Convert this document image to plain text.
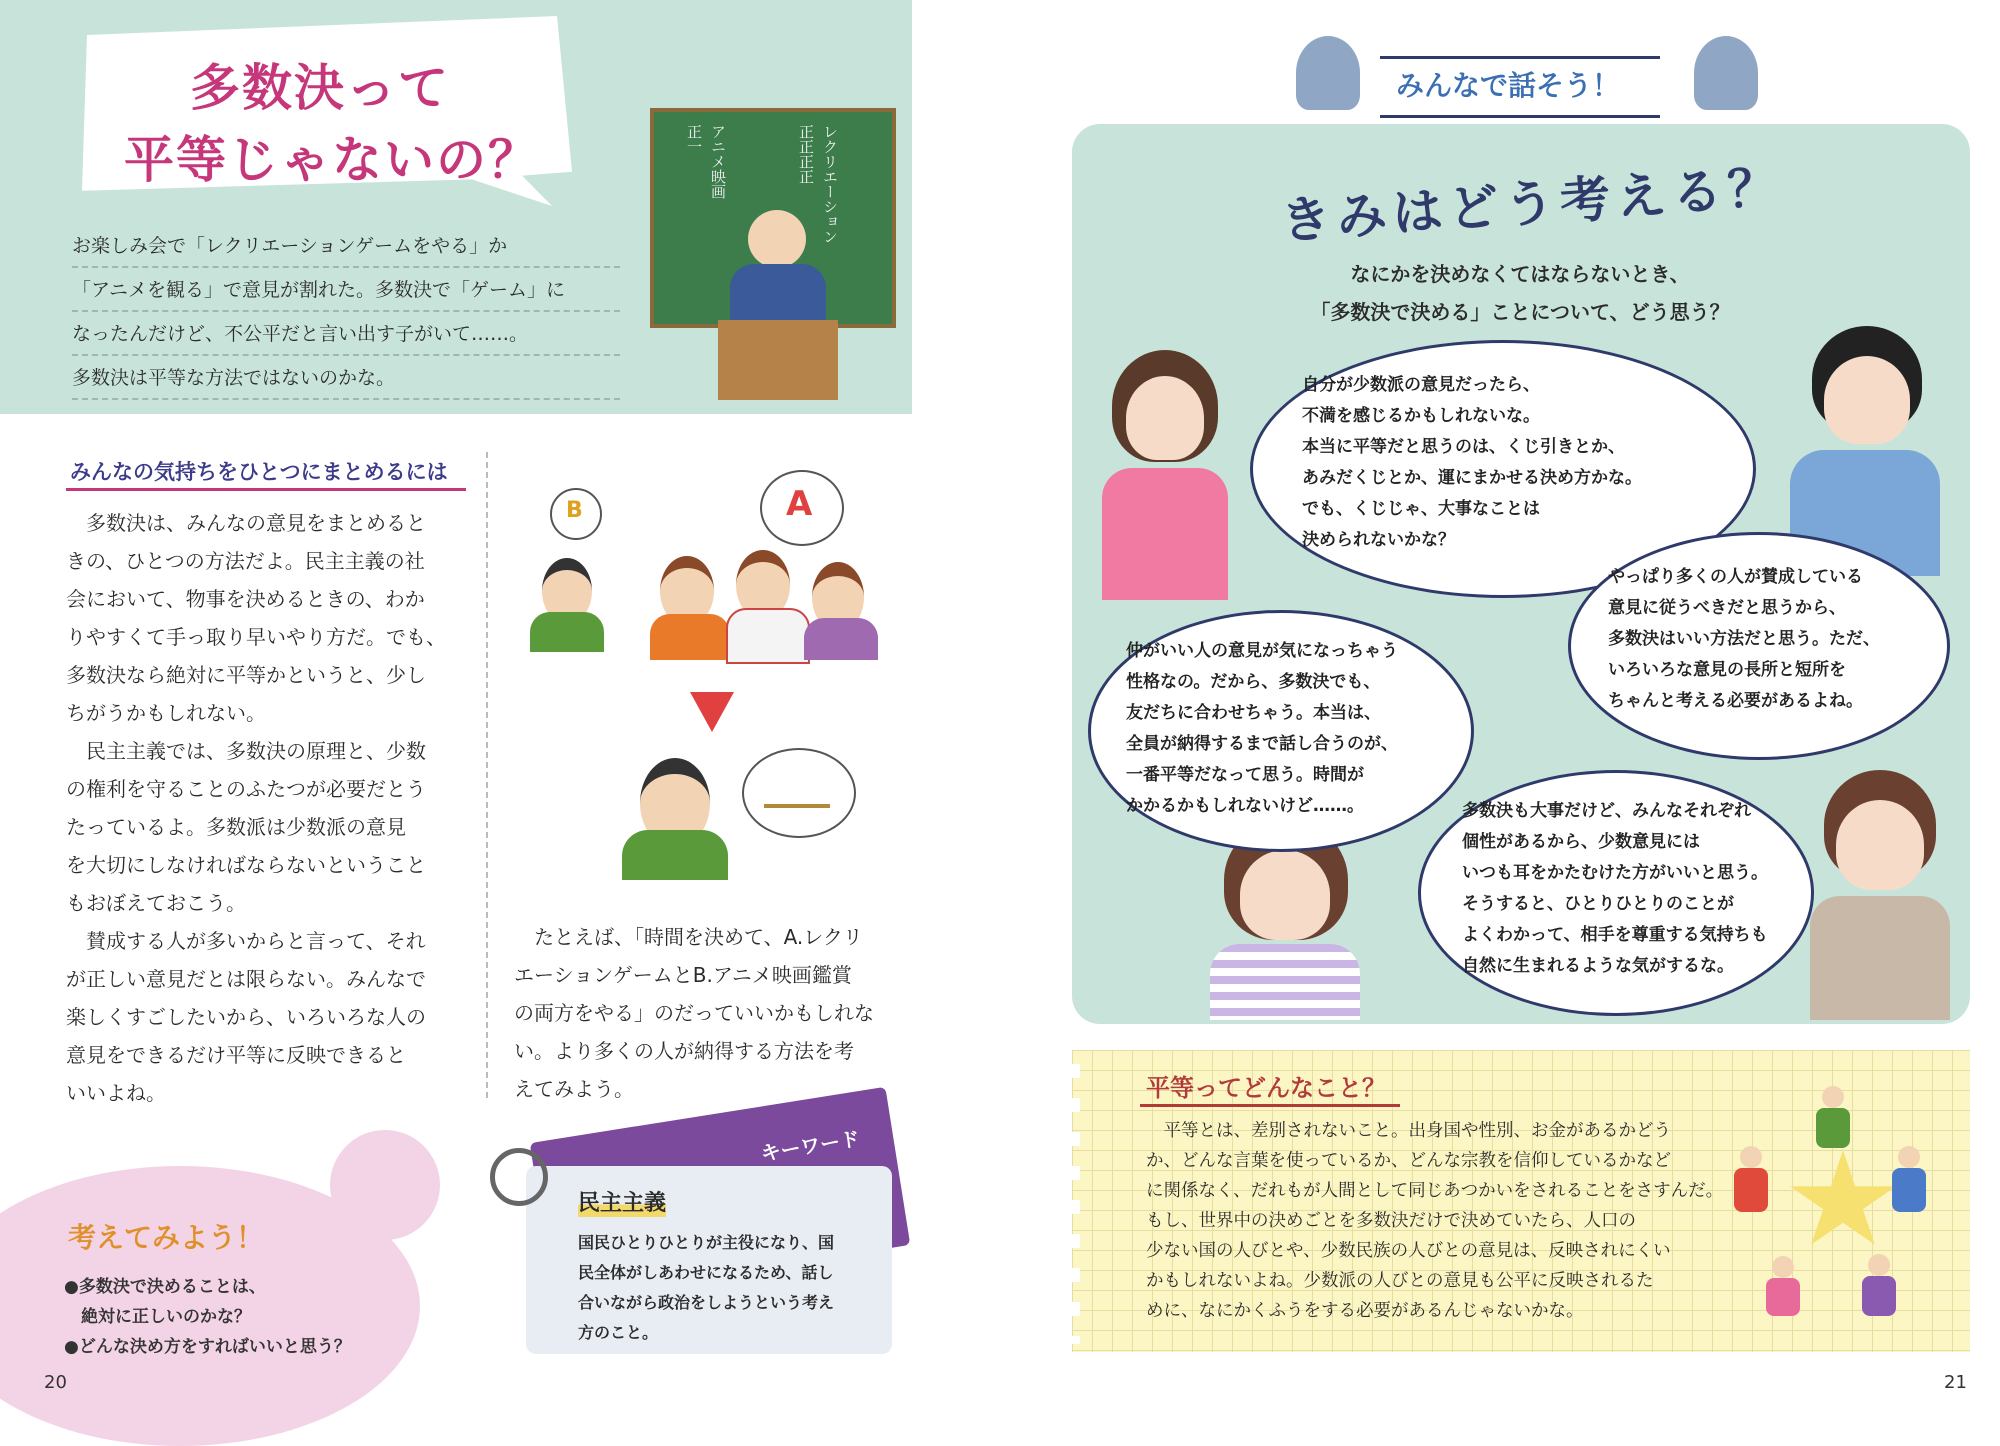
多数決って
平等じゃないの？	レクリエーション
正正正正
アニメ映画
正一
お楽しみ会で「レクリエーションゲームをやる」か
「アニメを観る」で意見が割れた。多数決で「ゲーム」に
なったんだけど、不公平だと言い出す子がいて……。
多数決は平等な方法ではないのかな。
みんなの気持ちをひとつにまとめるには
　多数決は、みんなの意見をまとめると
きの、ひとつの方法だよ。民主主義の社
会において、物事を決めるときの、わか
りやすくて手っ取り早いやり方だ。でも、
多数決なら絶対に平等かというと、少し
ちがうかもしれない。
　民主主義では、多数決の原理と、少数
の権利を守ることのふたつが必要だとう
たっているよ。多数派は少数派の意見
を大切にしなければならないということ
もおぼえておこう。
　賛成する人が多いからと言って、それ
が正しい意見だとは限らない。みんなで
楽しくすごしたいから、いろいろな人の
意見をできるだけ平等に反映できると
いいよね。
B	A
　たとえば、「時間を決めて、A.レクリ
エーションゲームとB.アニメ映画鑑賞
の両方をやる」のだっていいかもしれな
い。より多くの人が納得する方法を考
えてみよう。
考えてみよう！
●多数決で決めることは、
　絶対に正しいのかな？
●どんな決め方をすればいいと思う？
キーワード
民主主義
国民ひとりひとりが主役になり、国
民全体がしあわせになるため、話し
合いながら政治をしようという考え
方のこと。
20
みんなで話そう！
きみはどう考える？
なにかを決めなくてはならないとき、
「多数決で決める」ことについて、どう思う？
自分が少数派の意見だったら、
不満を感じるかもしれないな。
本当に平等だと思うのは、くじ引きとか、
あみだくじとか、運にまかせる決め方かな。
でも、くじじゃ、大事なことは
決められないかな？
やっぱり多くの人が賛成している
意見に従うべきだと思うから、
多数決はいい方法だと思う。ただ、
いろいろな意見の長所と短所を
ちゃんと考える必要があるよね。
仲がいい人の意見が気になっちゃう
性格なの。だから、多数決でも、
友だちに合わせちゃう。本当は、
全員が納得するまで話し合うのが、
一番平等だなって思う。時間が
かかるかもしれないけど……。	多数決も大事だけど、みんなそれぞれ
個性があるから、少数意見には
いつも耳をかたむけた方がいいと思う。
そうすると、ひとりひとりのことが
よくわかって、相手を尊重する気持ちも
自然に生まれるような気がするな。
平等ってどんなこと？
　平等とは、差別されないこと。出身国や性別、お金があるかどう
か、どんな言葉を使っているか、どんな宗教を信仰しているかなど
に関係なく、だれもが人間として同じあつかいをされることをさすんだ。
もし、世界中の決めごとを多数決だけで決めていたら、人口の
少ない国の人びとや、少数民族の人びとの意見は、反映されにくい
かもしれないよね。少数派の人びとの意見も公平に反映されるた
めに、なにかくふうをする必要があるんじゃないかな。
21
